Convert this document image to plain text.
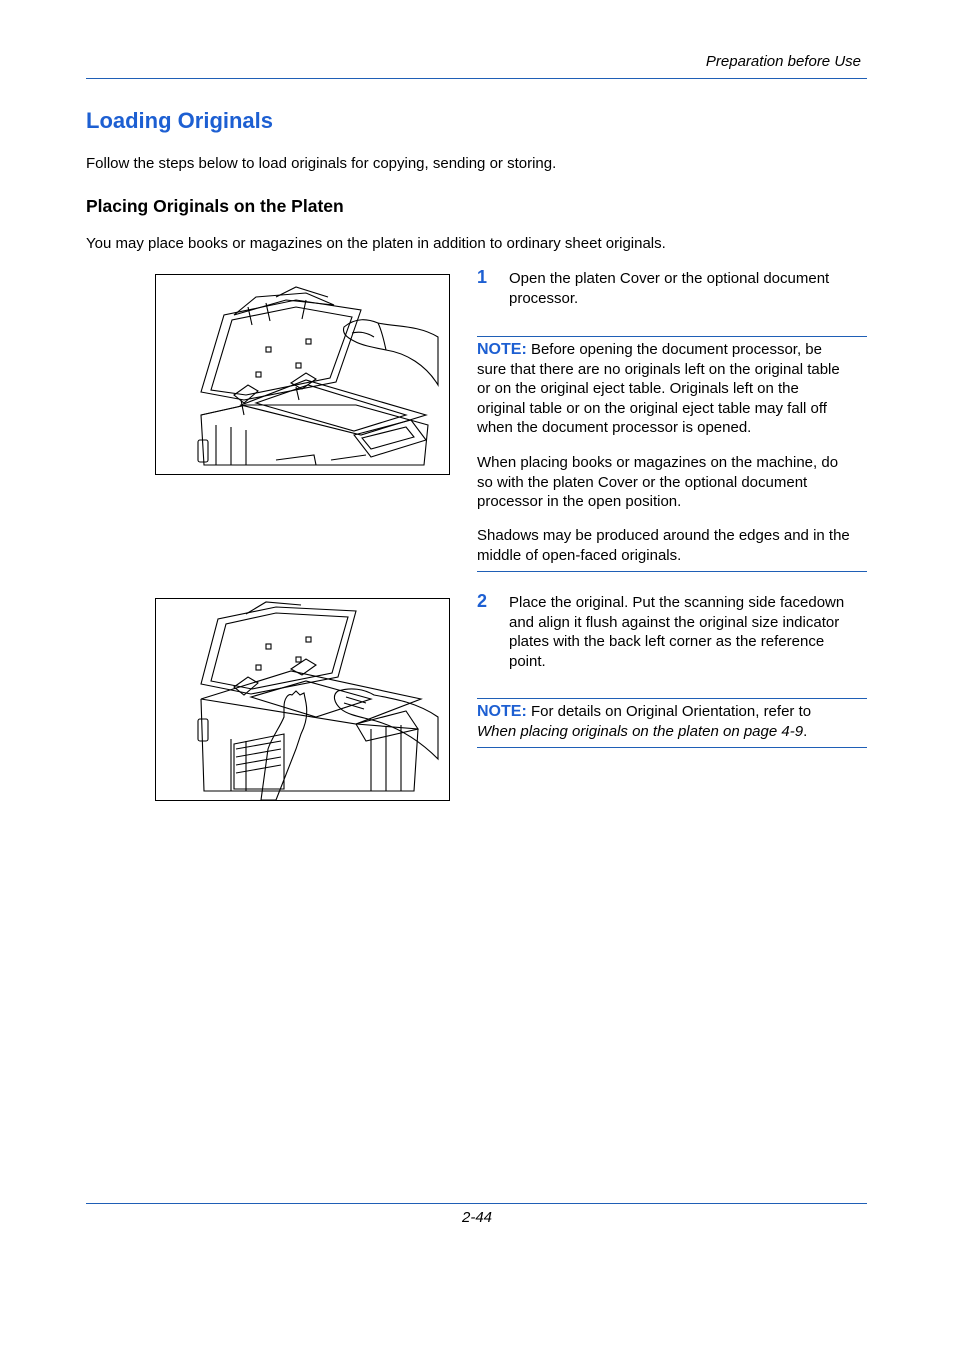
Preparation before Use
Loading Originals
Follow the steps below to load originals for copying, sending or storing.
Placing Originals on the Platen
You may place books or magazines on the platen in addition to ordinary sheet originals.
1 Open the platen Cover or the optional document
processor.
NOTE: Before opening the document processor, be
sure that there are no originals left on the original table
or on the original eject table. Originals left on the
original table or on the original eject table may fall off
when the document processor is opened.
When placing books or magazines on the machine, do
so with the platen Cover or the optional document
processor in the open position.
Shadows may be produced around the edges and in the
middle of open-faced originals.
2 Place the original. Put the scanning side facedown
and align it flush against the original size indicator
plates with the back left corner as the reference
point.
NOTE: For details on Original Orientation, refer to
When placing originals on the platen on page 4-9.
2-44
